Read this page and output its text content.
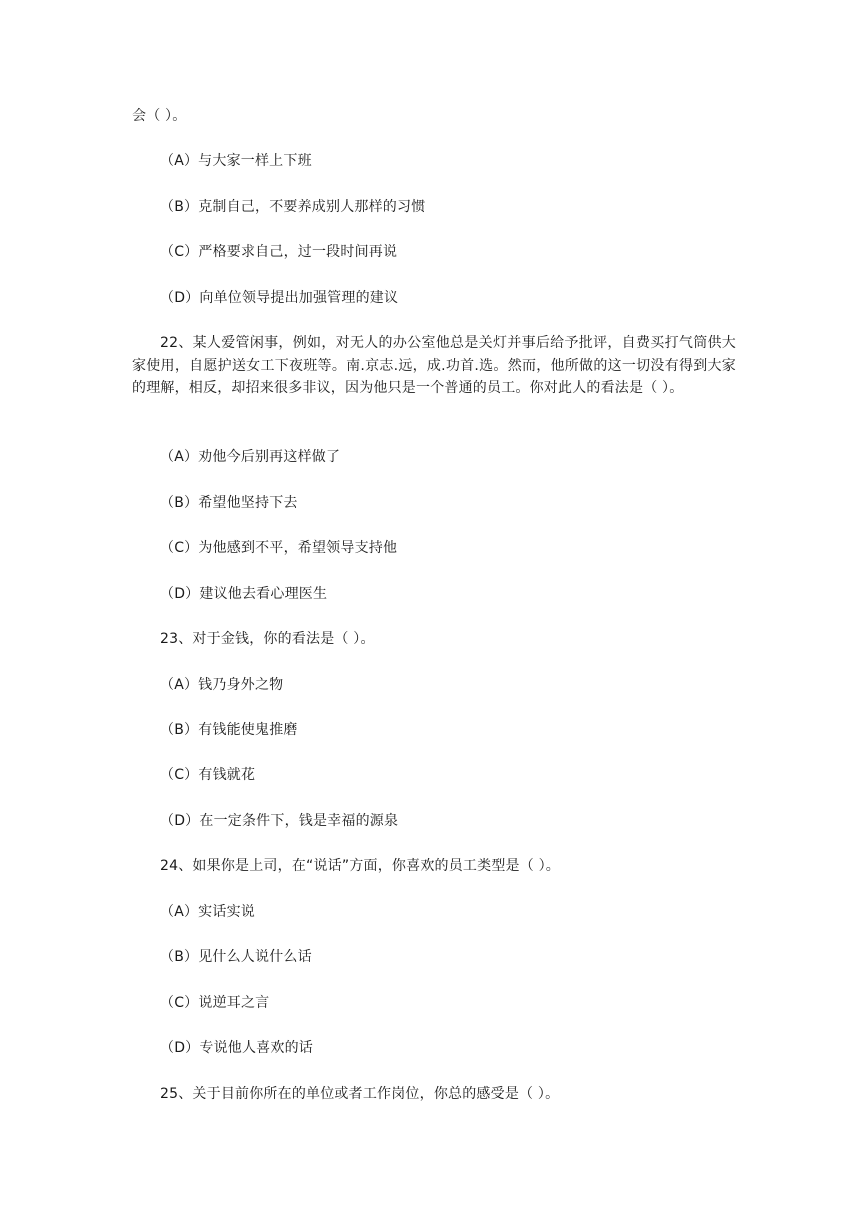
会（ ）。
（A）与大家一样上下班
（B）克制自己，不要养成别人那样的习惯
（C）严格要求自己，过一段时间再说
（D）向单位领导提出加强管理的建议
22、某人爱管闲事，例如，对无人的办公室他总是关灯并事后给予批评，自费买打气筒供大家使用，自愿护送女工下夜班等。南.京志.远，成.功首.选。然而，他所做的这一切没有得到大家的理解，相反，却招来很多非议，因为他只是一个普通的员工。你对此人的看法是（ ）。
（A）劝他今后别再这样做了
（B）希望他坚持下去
（C）为他感到不平，希望领导支持他
（D）建议他去看心理医生
23、对于金钱，你的看法是（ ）。
（A）钱乃身外之物
（B）有钱能使鬼推磨
（C）有钱就花
（D）在一定条件下，钱是幸福的源泉
24、如果你是上司，在“说话”方面，你喜欢的员工类型是（ ）。
（A）实话实说
（B）见什么人说什么话
（C）说逆耳之言
（D）专说他人喜欢的话
25、关于目前你所在的单位或者工作岗位，你总的感受是（ ）。
